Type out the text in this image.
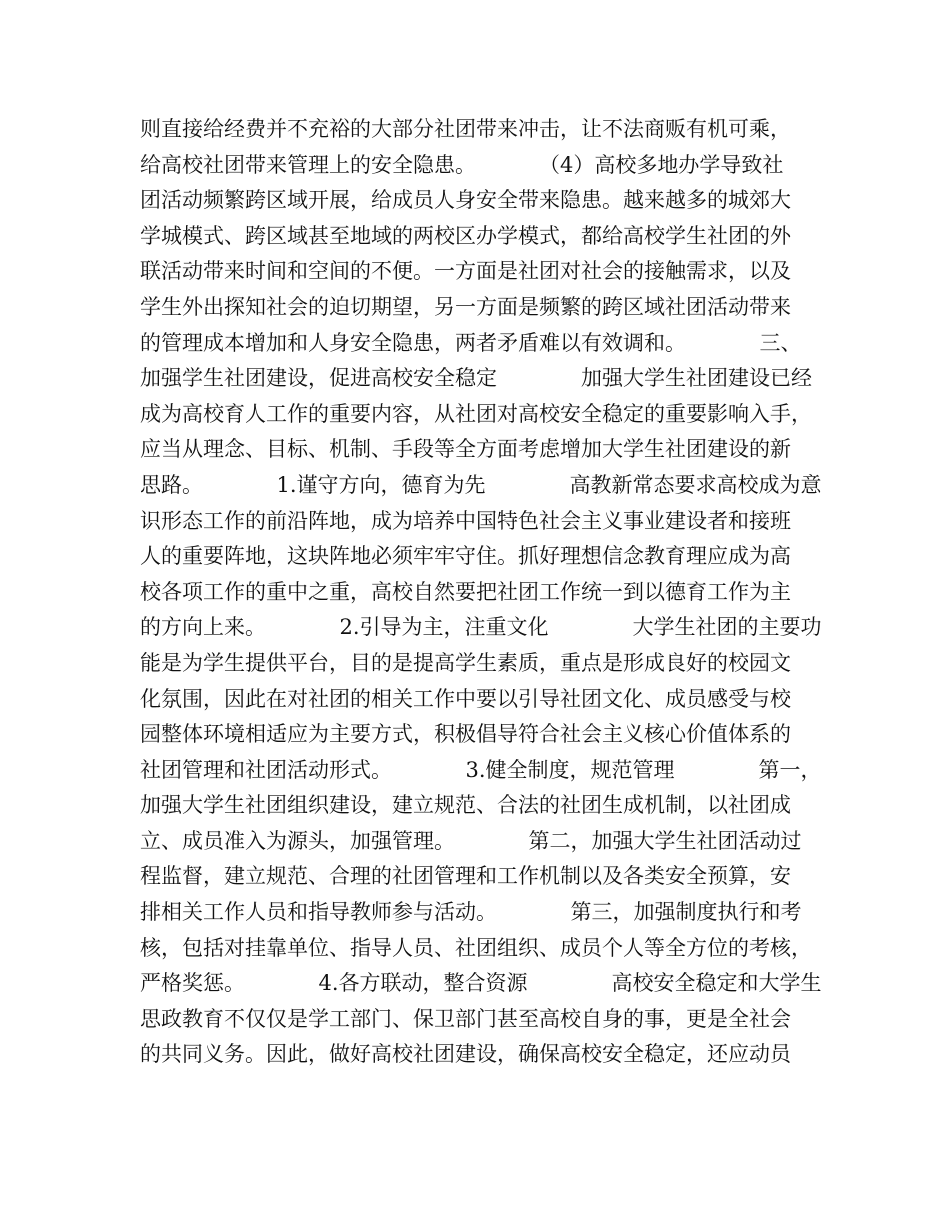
则直接给经费并不充裕的大部分社团带来冲击，让不法商贩有机可乘，
给高校社团带来管理上的安全隐患。　　　　（4）高校多地办学导致社
团活动频繁跨区域开展，给成员人身安全带来隐患。越来越多的城郊大
学城模式、跨区域甚至地域的两校区办学模式，都给高校学生社团的外
联活动带来时间和空间的不便。一方面是社团对社会的接触需求，以及
学生外出探知社会的迫切期望，另一方面是频繁的跨区域社团活动带来
的管理成本增加和人身安全隐患，两者矛盾难以有效调和。　　　　三、
加强学生社团建设，促进高校安全稳定　　　　加强大学生社团建设已经
成为高校育人工作的重要内容，从社团对高校安全稳定的重要影响入手，
应当从理念、目标、机制、手段等全方面考虑增加大学生社团建设的新
思路。　　　　1.谨守方向，德育为先　　　　高教新常态要求高校成为意
识形态工作的前沿阵地，成为培养中国特色社会主义事业建设者和接班
人的重要阵地，这块阵地必须牢牢守住。抓好理想信念教育理应成为高
校各项工作的重中之重，高校自然要把社团工作统一到以德育工作为主
的方向上来。　　　　2.引导为主，注重文化　　　　大学生社团的主要功
能是为学生提供平台，目的是提高学生素质，重点是形成良好的校园文
化氛围，因此在对社团的相关工作中要以引导社团文化、成员感受与校
园整体环境相适应为主要方式，积极倡导符合社会主义核心价值体系的
社团管理和社团活动形式。　　　　3.健全制度，规范管理　　　　第一，
加强大学生社团组织建设，建立规范、合法的社团生成机制，以社团成
立、成员准入为源头，加强管理。　　　　第二，加强大学生社团活动过
程监督，建立规范、合理的社团管理和工作机制以及各类安全预算，安
排相关工作人员和指导教师参与活动。　　　　第三，加强制度执行和考
核，包括对挂靠单位、指导人员、社团组织、成员个人等全方位的考核，
严格奖惩。　　　　4.各方联动，整合资源　　　　高校安全稳定和大学生
思政教育不仅仅是学工部门、保卫部门甚至高校自身的事，更是全社会
的共同义务。因此，做好高校社团建设，确保高校安全稳定，还应动员
